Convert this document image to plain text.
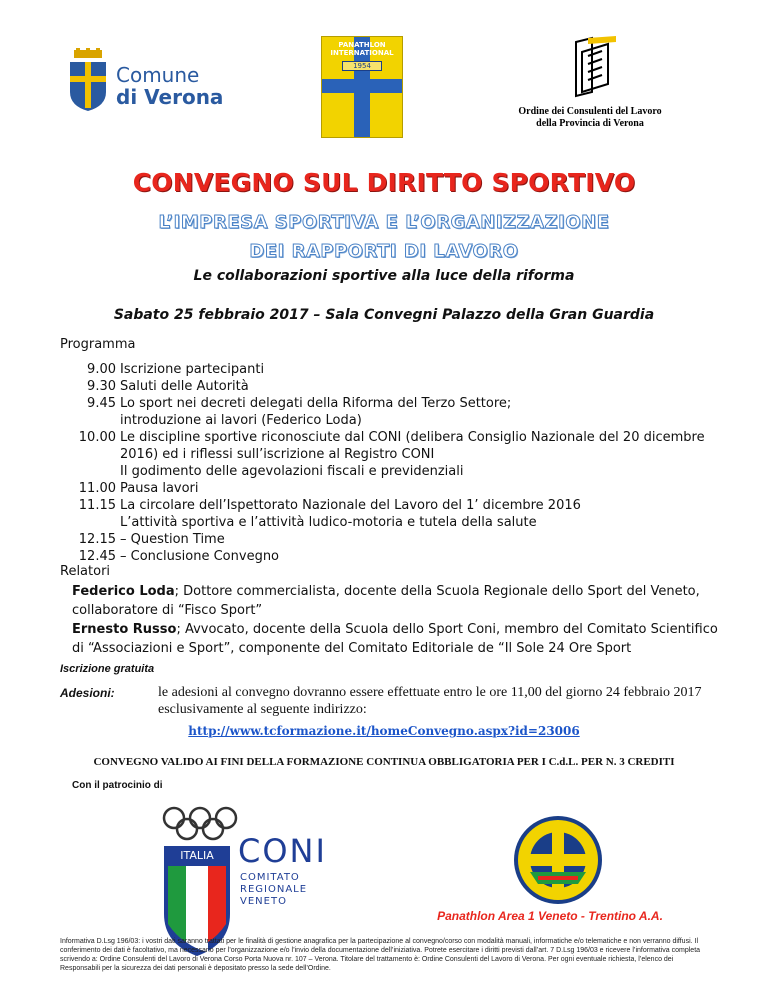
Comune
di Verona
PANATHLON INTERNATIONAL
1954
Ordine dei Consulenti del Lavoro
della Provincia di Verona
CONVEGNO SUL DIRITTO SPORTIVO
L’IMPRESA SPORTIVA E L’ORGANIZZAZIONE
DEI RAPPORTI DI LAVORO
Le collaborazioni sportive alla luce della riforma
Sabato 25 febbraio 2017 – Sala Convegni Palazzo della Gran Guardia
Programma
9.00 Iscrizione partecipanti
9.30 Saluti delle Autorità
9.45 Lo sport nei decreti delegati della Riforma del Terzo Settore;
introduzione ai lavori (Federico Loda)
10.00 Le discipline sportive riconosciute dal CONI (delibera Consiglio Nazionale del 20 dicembre
2016) ed i riflessi sull’iscrizione al Registro CONI
Il godimento delle agevolazioni fiscali e previdenziali
11.00 Pausa lavori
11.15 La circolare dell’Ispettorato Nazionale del Lavoro del 1’ dicembre 2016
L’attività sportiva e l’attività ludico-motoria e tutela della salute
12.15 – Question Time
12.45 – Conclusione Convegno
Relatori

Federico Loda; Dottore commercialista, docente della Scuola Regionale dello Sport del Veneto, collaboratore di “Fisco Sport”

Ernesto Russo; Avvocato, docente della Scuola dello Sport Coni, membro del Comitato Scientifico di “Associazioni e Sport”, componente del Comitato Editoriale de “Il Sole 24 Ore Sport

Iscrizione gratuita
Adesioni:	le adesioni al convegno dovranno essere effettuate entro le ore 11,00 del giorno 24 febbraio 2017 esclusivamente al seguente indirizzo:
http://www.tcformazione.it/homeConvegno.aspx?id=23006
CONVEGNO VALIDO AI FINI DELLA FORMAZIONE CONTINUA OBBLIGATORIA PER I C.d.L. PER N. 3 CREDITI
Con il patrocinio di
ITALIA CONI
COMITATO
REGIONALE
VENETO
Panathlon Area 1 Veneto - Trentino A.A.
Informativa D.Lsg 196/03: i vostri dati saranno trattati per le finalità di gestione anagrafica per la partecipazione al convegno/corso con modalità manuali, informatiche e/o telematiche e non verranno diffusi. Il conferimento dei dati è facoltativo, ma necessario per l’organizzazione e/o l’invio della documentazione dell’iniziativa. Potrete esercitare i diritti previsti dall’art. 7 D.Lsg 196/03 e ricevere l’informativa completa scrivendo a: Ordine Consulenti del Lavoro di Verona Corso Porta Nuova nr. 107 – Verona. Titolare del trattamento è: Ordine Consulenti del Lavoro di Verona. Per ogni eventuale richiesta, l’elenco dei Responsabili per la sicurezza dei dati personali è depositato presso la sede dell’Ordine.
